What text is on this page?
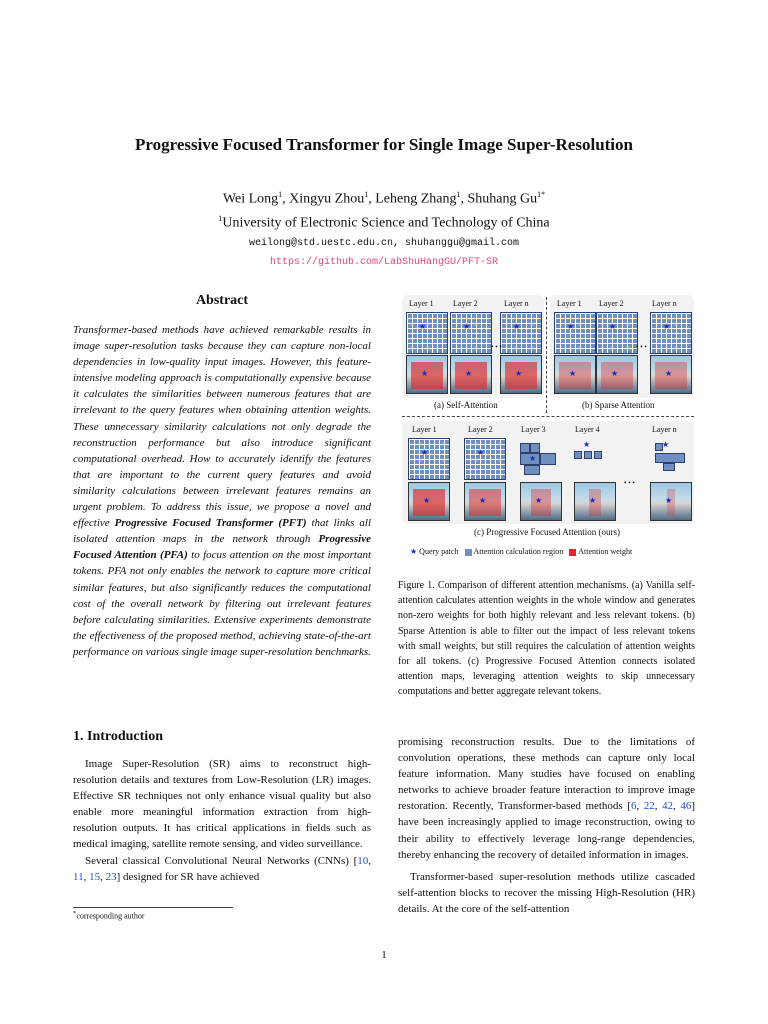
Progressive Focused Transformer for Single Image Super-Resolution
Wei Long$^1$, Xingyu Zhou$^1$, Leheng Zhang$^1$, Shuhang $Gu^{1*}$
$^1$University of Electronic Science and Technology of China
weilong@std.uestc.edu.cn, shuhanggu@gmail.com
https://github.com/LabShuHangGU/PFT-SR
Abstract
Transformer-based methods have achieved remarkable results in image super-resolution tasks because they can capture non-local dependencies in low-quality input images. However, this feature-intensive modeling approach is computationally expensive because it calculates the similarities between numerous features that are irrelevant to the query features when obtaining attention weights. These unnecessary similarity calculations not only degrade the reconstruction performance but also introduce significant computational overhead. How to accurately identify the features that are important to the current query features and avoid similarity calculations between irrelevant features remains an urgent problem. To address this issue, we propose a novel and effective Progressive Focused Transformer (PFT) that links all isolated attention maps in the network through Progressive Focused Attention (PFA) to focus attention on the most important tokens. PFA not only enables the network to capture more critical similar features, but also significantly reduces the computational cost of the overall network by filtering out irrelevant features before calculating similarities. Extensive experiments demonstrate the effectiveness of the proposed method, achieving state-of-the-art performance on various single image super-resolution benchmarks.
1. Introduction

Image Super-Resolution (SR) aims to reconstruct high-resolution details and textures from Low-Resolution (LR) images. Effective SR techniques not only enhance visual quality but also enable more meaningful information extraction from high-resolution outputs. It has critical applications in fields such as medical imaging, satellite remote sensing, and video surveillance.

Several classical Convolutional Neural Networks (CNNs) [10, 11, 15, 23] designed for SR have achieved

*corresponding author

promising reconstruction results. Due to the limitations of convolution operations, these methods can capture only local feature information. Many studies have focused on enabling networks to achieve broader feature interaction to improve image restoration. Recently, Transformer-based methods [6, 22, 42, 46] have been increasingly applied to image reconstruction, owing to their ability to effectively leverage long-range dependencies, thereby enhancing the recovery of detailed information in images.

Transformer-based super-resolution methods utilize cascaded self-attention blocks to recover the missing High-Resolution (HR) details. At the core of the self-attention

Layer 1 Layer 2	Layer n	Layer 1 Layer 2	Layer n
★	★	★	★	★	★
★	★	★	★	★	★
• • •	• • •
(a) Self-Attention	(b) Sparse Attention
Layer 1	Layer 2	Layer 3	Layer 4	Layer n
★	★
★
★	★
★	★	★	★	★
• • •
(c) Progressive Focused Attention (ours)
★ Query patch Attention calculation region Attention weight
Figure 1. Comparison of different attention mechanisms. (a) Vanilla self-attention calculates attention weights in the whole window and generates non-zero weights for both highly relevant and less relevant tokens. (b) Sparse Attention is able to filter out the impact of less relevant tokens with small weights, but still requires the calculation of attention weights for all tokens. (c) Progressive Focused Attention connects isolated attention maps, leveraging attention weights to skip unnecessary computations and better aggregate relevant tokens.
1
